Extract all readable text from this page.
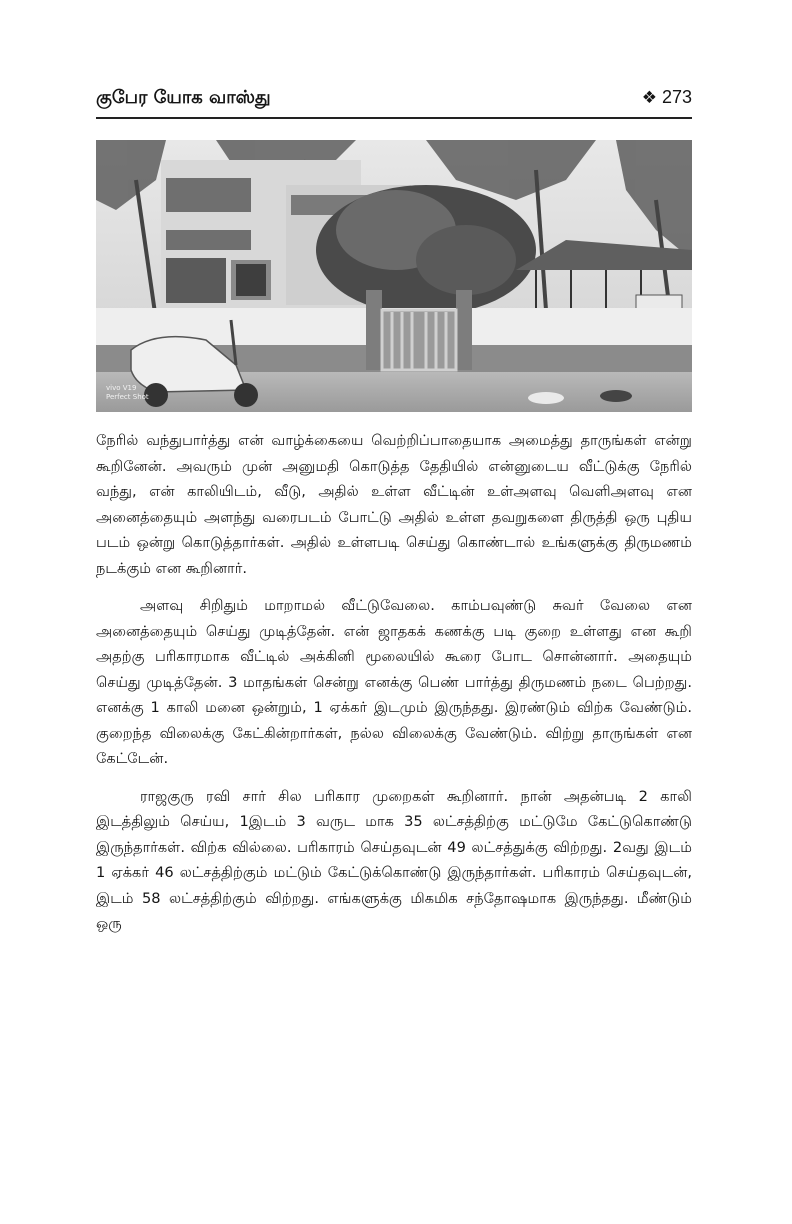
குபேர யோக வாஸ்து	❖ 273
vivo V19
Perfect Shot

நேரில் வந்துபார்த்து என் வாழ்க்கையை வெற்றிப்பாதையாக அமைத்து தாருங்கள் என்று கூறினேன். அவரும் முன் அனுமதி கொடுத்த தேதியில் என்னுடைய வீட்டுக்கு நேரில் வந்து, என் காலியிடம், வீடு, அதில் உள்ள வீட்டின் உள்அளவு வெளிஅளவு என அனைத்தையும் அளந்து வரைபடம் போட்டு அதில் உள்ள தவறுகளை திருத்தி ஒரு புதிய படம் ஒன்று கொடுத்தார்கள். அதில் உள்ளபடி செய்து கொண்டால் உங்களுக்கு திருமணம் நடக்கும் என கூறினார்.

அளவு சிறிதும் மாறாமல் வீட்டுவேலை. காம்பவுண்டு சுவர் வேலை என அனைத்தையும் செய்து முடித்தேன். என் ஜாதகக் கணக்கு படி குறை உள்ளது என கூறி அதற்கு பரிகாரமாக வீட்டில் அக்கினி மூலையில் கூரை போட சொன்னார். அதையும் செய்து முடித்தேன். 3 மாதங்கள் சென்று எனக்கு பெண் பார்த்து திருமணம் நடை பெற்றது. எனக்கு 1 காலி மனை ஒன்றும், 1 ஏக்கர் இடமும் இருந்தது. இரண்டும் விற்க வேண்டும். குறைந்த விலைக்கு கேட்கின்றார்கள், நல்ல விலைக்கு வேண்டும். விற்று தாருங்கள் என கேட்டேன்.

ராஜகுரு ரவி சார் சில பரிகார முறைகள் கூறினார். நான் அதன்படி 2 காலி இடத்திலும் செய்ய, 1இடம் 3 வருட மாக 35 லட்சத்திற்கு மட்டுமே கேட்டுகொண்டு இருந்தார்கள். விற்க வில்லை. பரிகாரம் செய்தவுடன் 49 லட்சத்துக்கு விற்றது. 2வது இடம் 1 ஏக்கர் 46 லட்சத்திற்கும் மட்டும் கேட்டுக்கொண்டு இருந்தார்கள். பரிகாரம் செய்தவுடன், இடம் 58 லட்சத்திற்கும் விற்றது. எங்களுக்கு மிகமிக சந்தோஷமாக இருந்தது. மீண்டும் ஒரு
